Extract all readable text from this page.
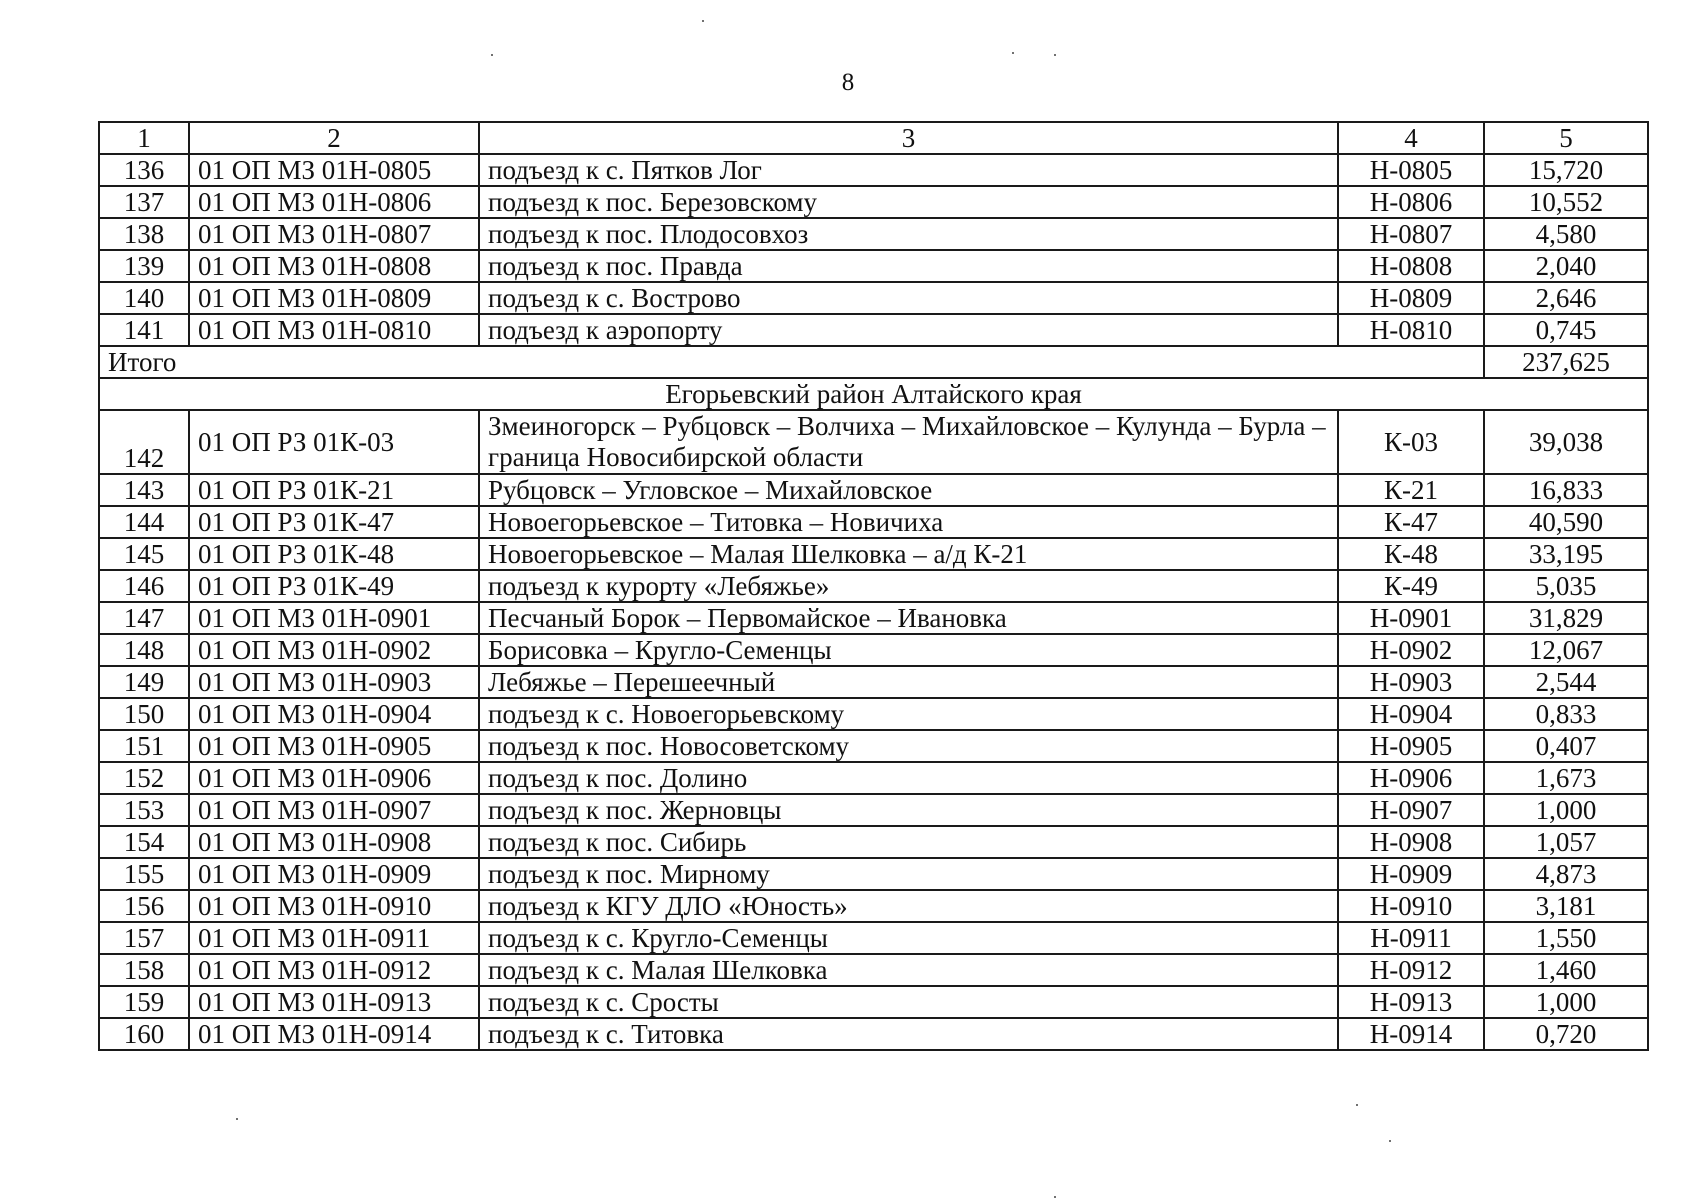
8
1	2	3	4	5
136	01 ОП МЗ 01Н-0805	подъезд к с. Пятков Лог	Н-0805	15,720
137	01 ОП МЗ 01Н-0806	подъезд к пос. Березовскому	Н-0806	10,552
138	01 ОП МЗ 01Н-0807	подъезд к пос. Плодосовхоз	Н-0807	4,580
139	01 ОП МЗ 01Н-0808	подъезд к пос. Правда	Н-0808	2,040
140	01 ОП МЗ 01Н-0809	подъезд к с. Вострово	Н-0809	2,646
141	01 ОП МЗ 01Н-0810	подъезд к аэропорту	Н-0810	0,745
Итого				237,625
Егорьевский район Алтайского края				
142	01 ОП РЗ 01К-03	Змеиногорск – Рубцовск – Волчиха – Михайловское – Кулунда – Бурла – граница Новосибирской области	К-03	39,038
143	01 ОП РЗ 01К-21	Рубцовск – Угловское – Михайловское	К-21	16,833
144	01 ОП РЗ 01К-47	Новоегорьевское – Титовка – Новичиха	К-47	40,590
145	01 ОП РЗ 01К-48	Новоегорьевское – Малая Шелковка – а/д К-21	К-48	33,195
146	01 ОП РЗ 01К-49	подъезд к курорту «Лебяжье»	К-49	5,035
147	01 ОП МЗ 01Н-0901	Песчаный Борок – Первомайское – Ивановка	Н-0901	31,829
148	01 ОП МЗ 01Н-0902	Борисовка – Кругло-Семенцы	Н-0902	12,067
149	01 ОП МЗ 01Н-0903	Лебяжье – Перешеечный	Н-0903	2,544
150	01 ОП МЗ 01Н-0904	подъезд к с. Новоегорьевскому	Н-0904	0,833
151	01 ОП МЗ 01Н-0905	подъезд к пос. Новосоветскому	Н-0905	0,407
152	01 ОП МЗ 01Н-0906	подъезд к пос. Долино	Н-0906	1,673
153	01 ОП МЗ 01Н-0907	подъезд к пос. Жерновцы	Н-0907	1,000
154	01 ОП МЗ 01Н-0908	подъезд к пос. Сибирь	Н-0908	1,057
155	01 ОП МЗ 01Н-0909	подъезд к пос. Мирному	Н-0909	4,873
156	01 ОП МЗ 01Н-0910	подъезд к КГУ ДЛО «Юность»	Н-0910	3,181
157	01 ОП МЗ 01Н-0911	подъезд к с. Кругло-Семенцы	Н-0911	1,550
158	01 ОП МЗ 01Н-0912	подъезд к с. Малая Шелковка	Н-0912	1,460
159	01 ОП МЗ 01Н-0913	подъезд к с. Сросты	Н-0913	1,000
160	01 ОП МЗ 01Н-0914	подъезд к с. Титовка	Н-0914	0,720
